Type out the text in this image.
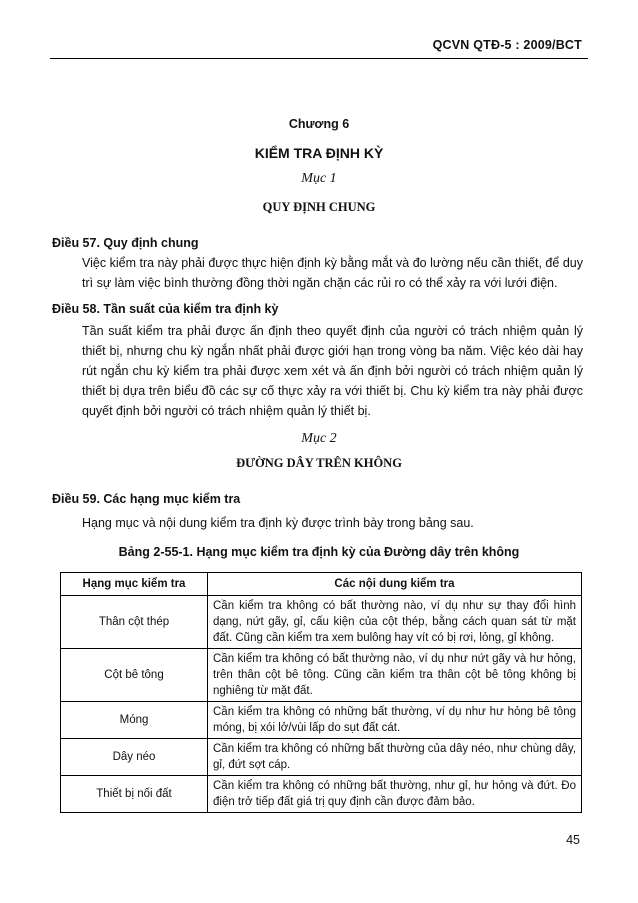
QCVN QTĐ-5 : 2009/BCT
Chương 6
KIỂM TRA ĐỊNH KỲ
Mục 1
QUY ĐỊNH CHUNG
Điều 57. Quy định chung
Việc kiểm tra này phải được thực hiện định kỳ bằng mắt và đo lường nếu cần thiết, để duy trì sự làm việc bình thường đồng thời ngăn chặn các rủi ro có thể xảy ra với lưới điện.
Điều 58. Tần suất của kiểm tra định kỳ
Tần suất kiểm tra phải được ấn định theo quyết định của người có trách nhiệm quản lý thiết bị, nhưng chu kỳ ngắn nhất phải được giới hạn trong vòng ba năm. Việc kéo dài hay rút ngắn chu kỳ kiểm tra phải được xem xét và ấn định bởi người có trách nhiệm quản lý thiết bị dựa trên biểu đồ các sự cố thực xảy ra với thiết bị. Chu kỳ kiểm tra này phải được quyết định bởi người có trách nhiệm quản lý thiết bị.
Mục 2
ĐƯỜNG DÂY TRÊN KHÔNG
Điều 59. Các hạng mục kiểm tra
Hạng mục và nội dung kiểm tra định kỳ được trình bày trong bảng sau.
Bảng 2-55-1. Hạng mục kiểm tra định kỳ của Đường dây trên không
Hạng mục kiểm tra	Các nội dung kiểm tra
Thân cột thép	Cần kiểm tra không có bất thường nào, ví dụ như sự thay đổi hình dạng, nứt gãy, gỉ, cấu kiện của cột thép, bằng cách quan sát từ mặt đất. Cũng cần kiểm tra xem bulông hay vít có bị rơi, lỏng, gỉ không.
Cột bê tông	Cần kiểm tra không có bất thường nào, ví dụ như nứt gãy và hư hỏng, trên thân cột bê tông. Cũng cần kiểm tra thân cột bê tông không bị nghiêng từ mặt đất.
Móng	Cần kiểm tra không có những bất thường, ví dụ như hư hỏng bê tông móng, bị xói lở/vùi lấp do sụt đất cát.
Dây néo	Cần kiểm tra không có những bất thường của dây néo, như chùng dây, gỉ, đứt sợt cáp.
Thiết bị nối đất	Cần kiểm tra không có những bất thường, như gỉ, hư hỏng và đứt. Đo điện trở tiếp đất giá trị quy định cần được đảm bảo.
45
